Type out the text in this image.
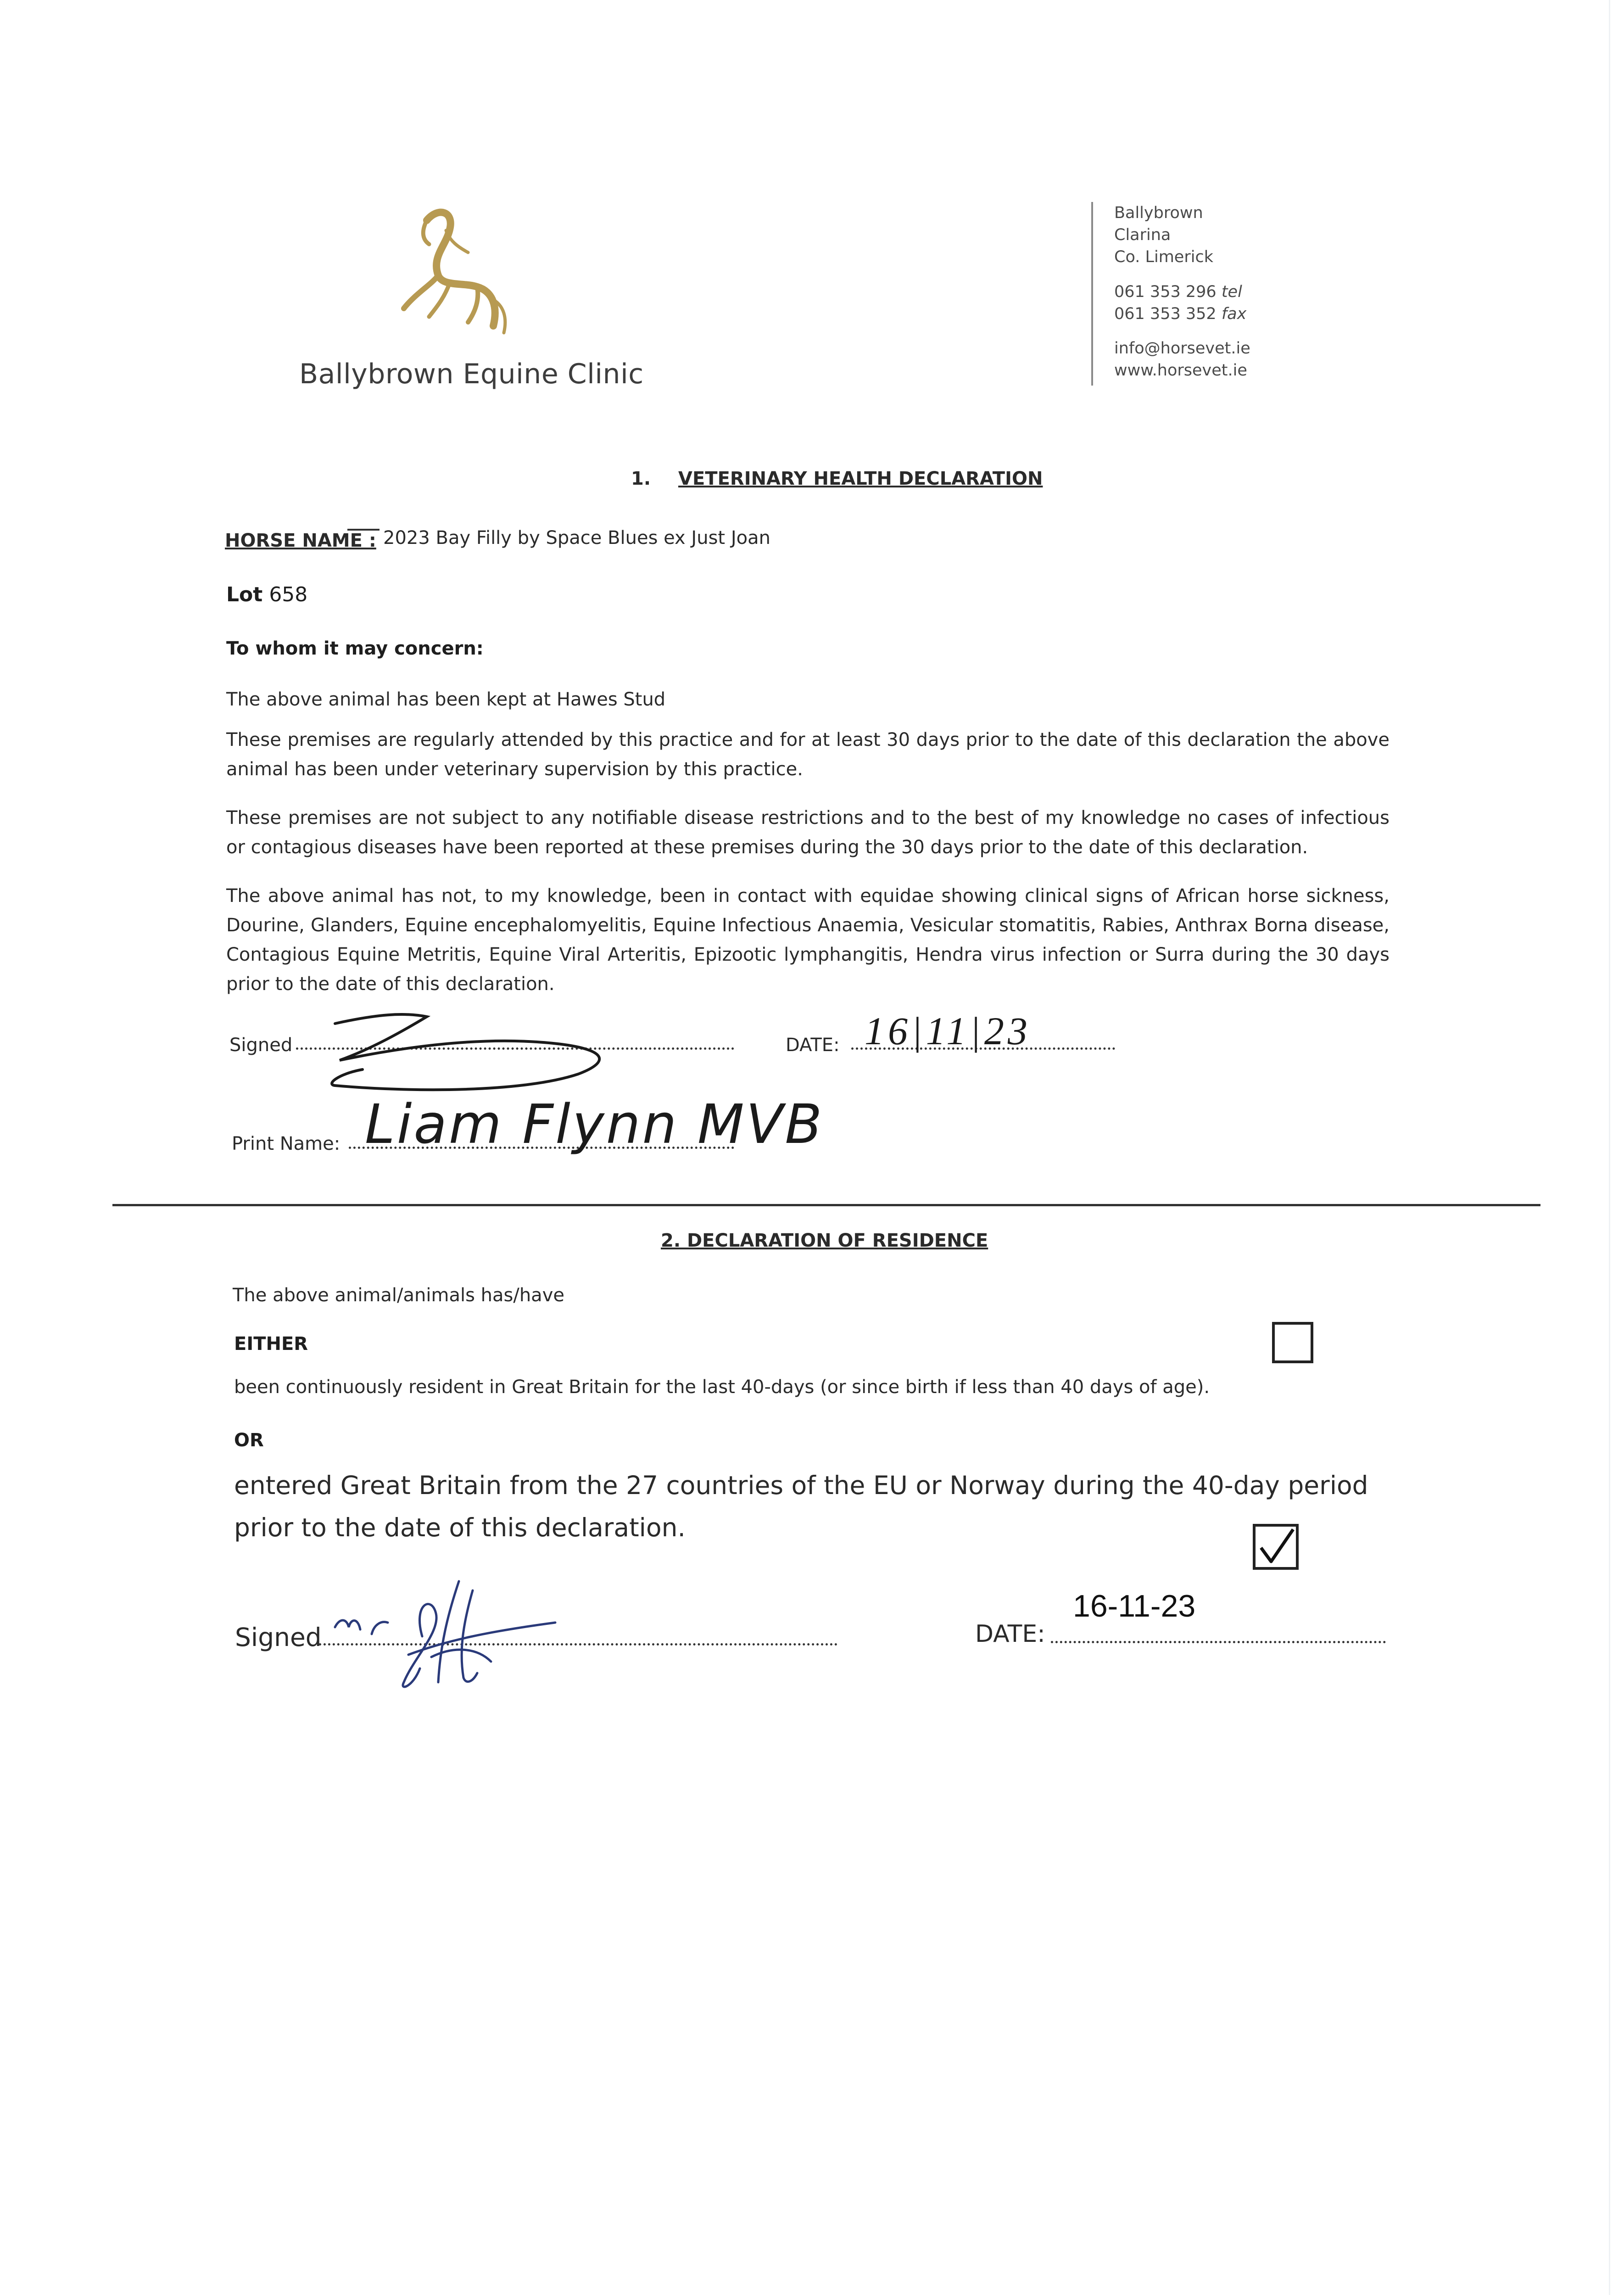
Ballybrown Equine Clinic
Ballybrown
Clarina
Co. Limerick
061 353 296 tel
061 353 352 fax
info@horsevet.ie
www.horsevet.ie
1. VETERINARY HEALTH DECLARATION
HORSE NAME : 2023 Bay Filly by Space Blues ex Just Joan
Lot 658
To whom it may concern:
The above animal has been kept at Hawes Stud
These premises are regularly attended by this practice and for at least 30 days prior to the date of this declaration the above animal has been under veterinary supervision by this practice.
These premises are not subject to any notifiable disease restrictions and to the best of my knowledge no cases of infectious or contagious diseases have been reported at these premises during the 30 days prior to the date of this declaration.
The above animal has not, to my knowledge, been in contact with equidae showing clinical signs of African horse sickness, Dourine, Glanders, Equine encephalomyelitis, Equine Infectious Anaemia, Vesicular stomatitis, Rabies, Anthrax Borna disease, Contagious Equine Metritis, Equine Viral Arteritis, Epizootic lymphangitis, Hendra virus infection or Surra during the 30 days prior to the date of this declaration.
Signed	DATE: 16|11|23
Print Name: Liam Flynn MVB
2. DECLARATION OF RESIDENCE
The above animal/animals has/have
EITHER
been continuously resident in Great Britain for the last 40-days (or since birth if less than 40 days of age).
OR
entered Great Britain from the 27 countries of the EU or Norway during the 40-day period prior to the date of this declaration.
Signed	DATE:
16-11-23
